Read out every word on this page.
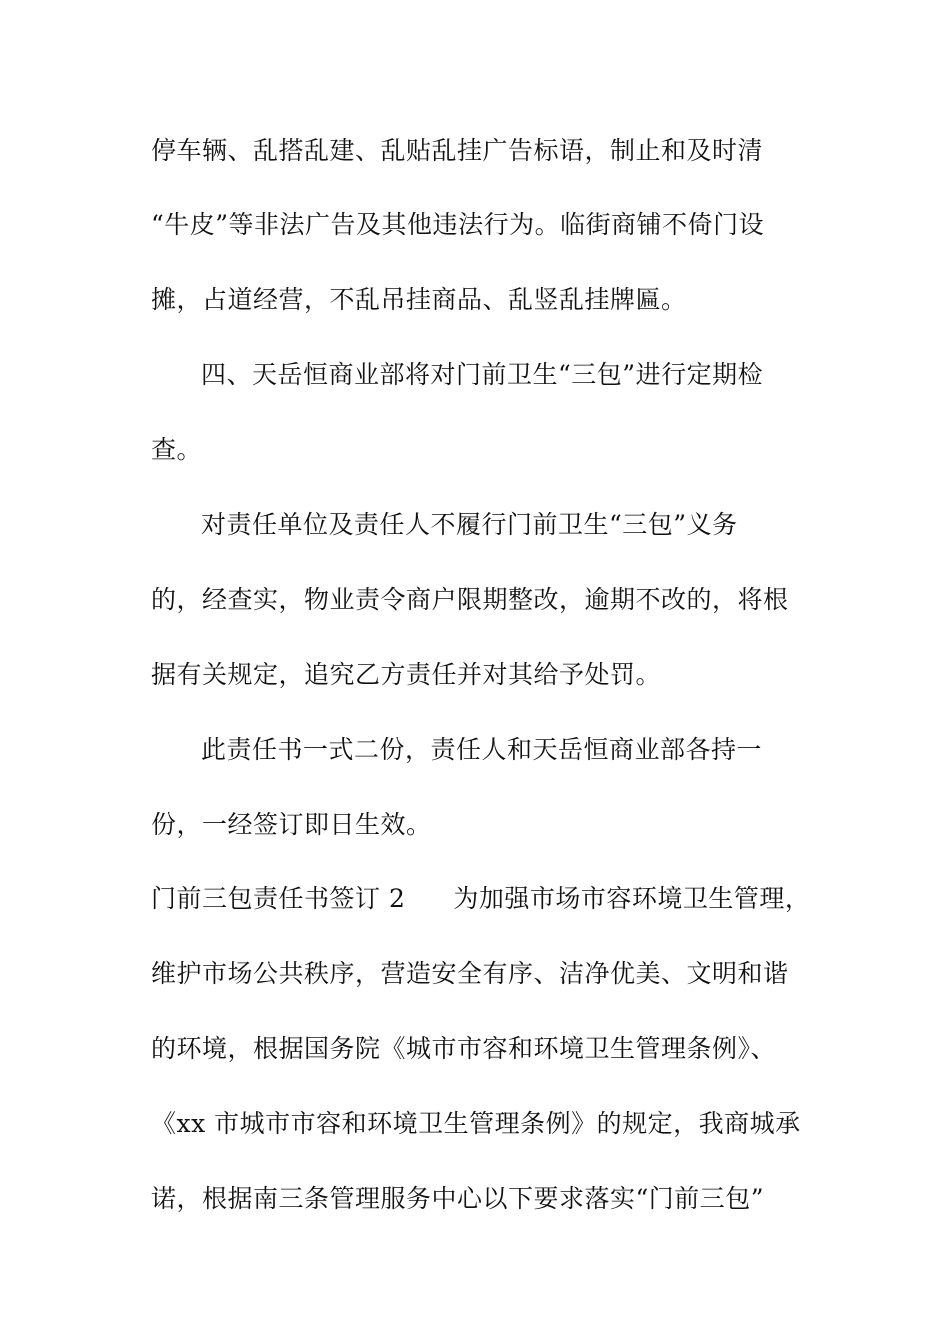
停车辆、乱搭乱建、乱贴乱挂广告标语，制止和及时清
“牛皮”等非法广告及其他违法行为。临街商铺不倚门设
摊，占道经营，不乱吊挂商品、乱竖乱挂牌匾。
四、天岳恒商业部将对门前卫生“三包”进行定期检
查。
对责任单位及责任人不履行门前卫生“三包”义务
的，经查实，物业责令商户限期整改，逾期不改的，将根
据有关规定，追究乙方责任并对其给予处罚。
此责任书一式二份，责任人和天岳恒商业部各持一
份，一经签订即日生效。
门前三包责任书签订 2 为加强市场市容环境卫生管理，
维护市场公共秩序，营造安全有序、洁净优美、文明和谐
的环境，根据国务院《城市市容和环境卫生管理条例》、
《xx 市城市市容和环境卫生管理条例》的规定，我商城承
诺，根据南三条管理服务中心以下要求落实“门前三包”
